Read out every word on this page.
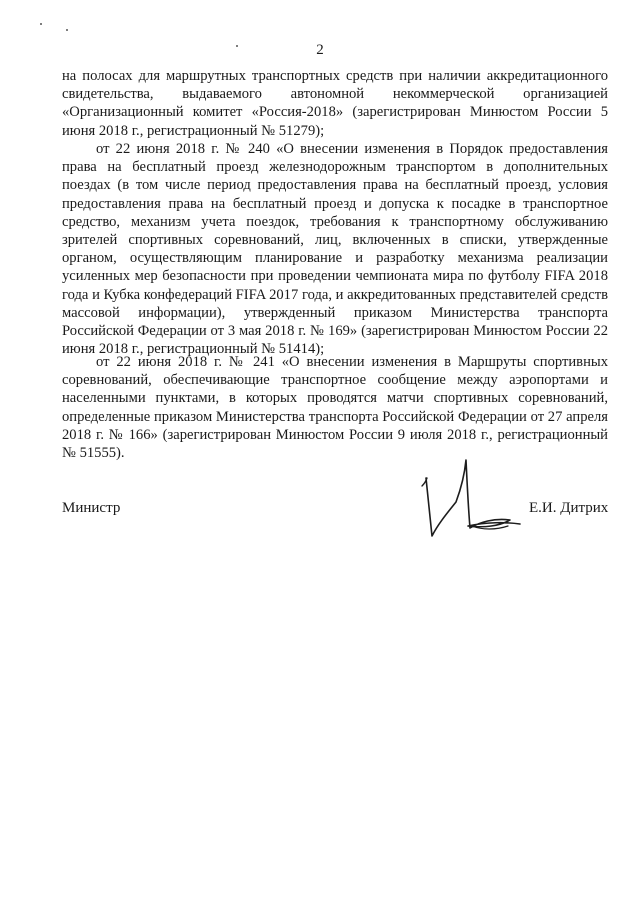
2

на полосах для маршрутных транспортных средств при наличии аккредитационного свидетельства, выдаваемого автономной некоммерческой организацией «Организационный комитет «Россия-2018» (зарегистрирован Минюстом России 5 июня 2018 г., регистрационный № 51279);

от 22 июня 2018 г. № 240 «О внесении изменения в Порядок предоставления права на бесплатный проезд железнодорожным транспортом в дополнительных поездах (в том числе период предоставления права на бесплатный проезд, условия предоставления права на бесплатный проезд и допуска к посадке в транспортное средство, механизм учета поездок, требования к транспортному обслуживанию зрителей спортивных соревнований, лиц, включенных в списки, утвержденные органом, осуществляющим планирование и разработку механизма реализации усиленных мер безопасности при проведении чемпионата мира по футболу FIFA 2018 года и Кубка конфедераций FIFA 2017 года, и аккредитованных представителей средств массовой информации), утвержденный приказом Министерства транспорта Российской Федерации от 3 мая 2018 г. № 169» (зарегистрирован Минюстом России 22 июня 2018 г., регистрационный № 51414);

от 22 июня 2018 г. № 241 «О внесении изменения в Маршруты спортивных соревнований, обеспечивающие транспортное сообщение между аэропортами и населенными пунктами, в которых проводятся матчи спортивных соревнований, определенные приказом Министерства транспорта Российской Федерации от 27 апреля 2018 г. № 166» (зарегистрирован Минюстом России 9 июля 2018 г., регистрационный № 51555).

Министр	Е.И. Дитрих
